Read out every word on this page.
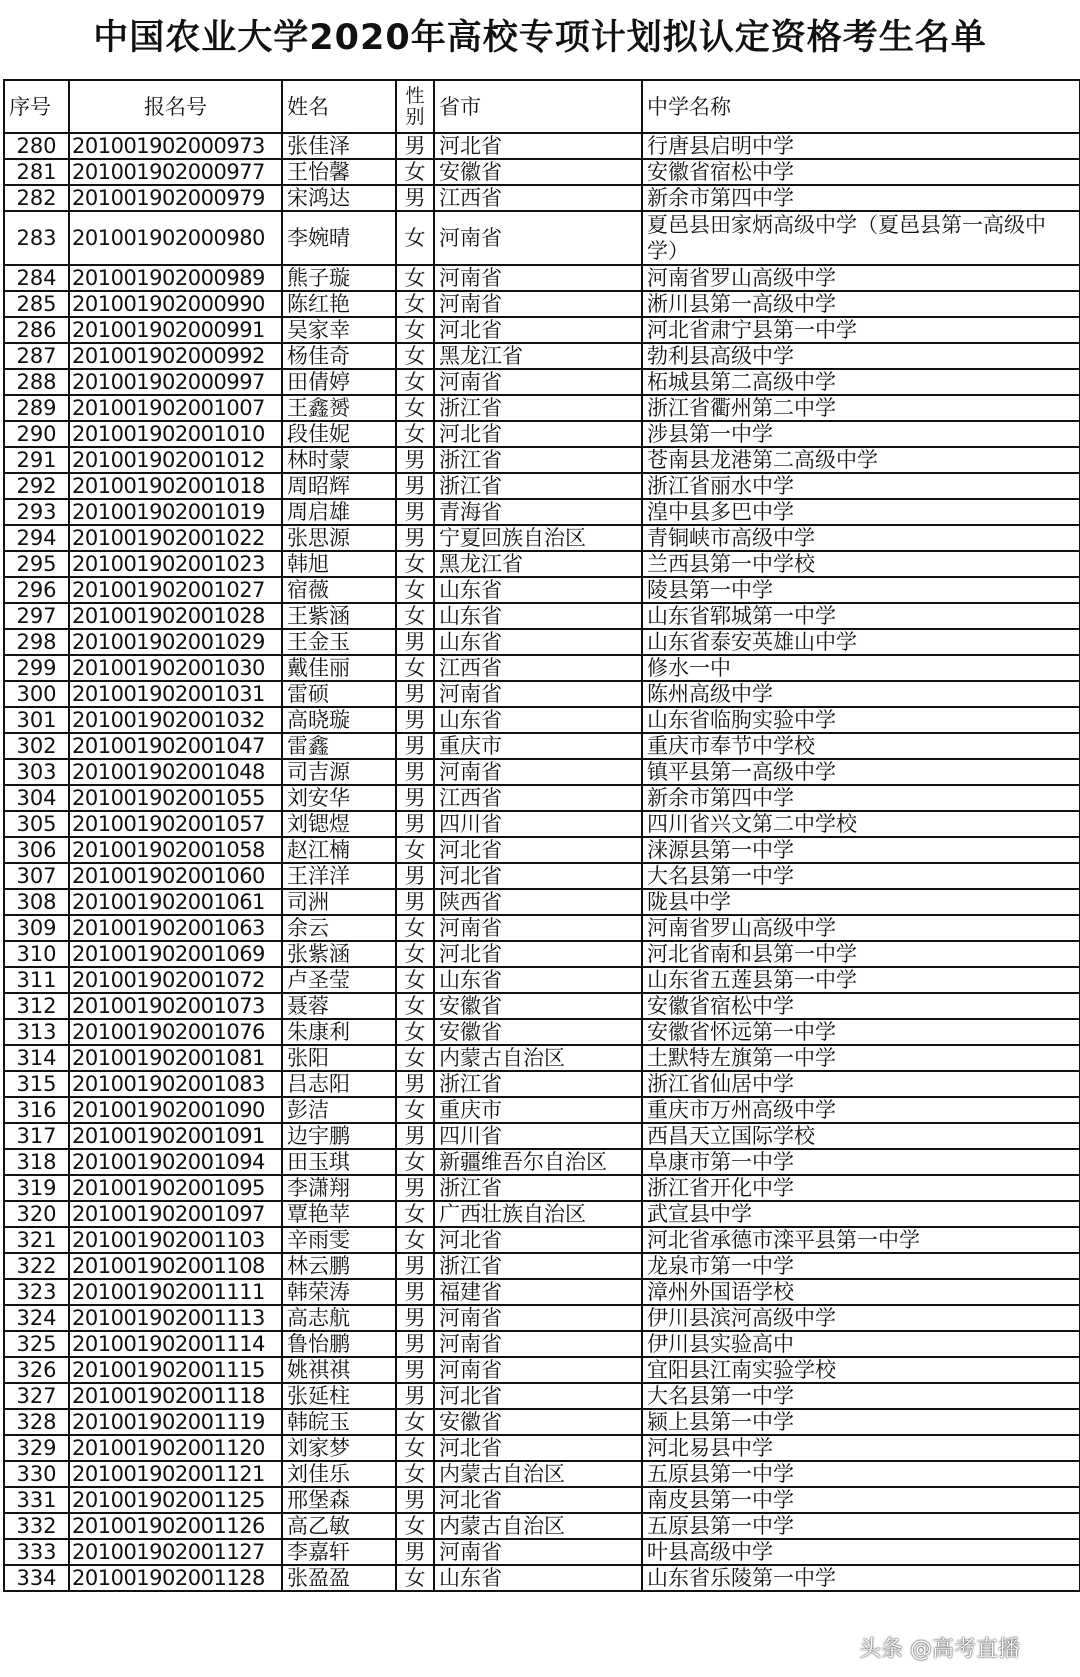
中国农业大学2020年高校专项计划拟认定资格考生名单
序号	报名号	姓名	性别	省市	中学名称
280	201001902000973	张佳泽	男	河北省	行唐县启明中学
281	201001902000977	王怡馨	女	安徽省	安徽省宿松中学
282	201001902000979	宋鸿达	男	江西省	新余市第四中学
283	201001902000980	李婉晴	女	河南省	夏邑县田家炳高级中学（夏邑县第一高级中学）
284	201001902000989	熊子璇	女	河南省	河南省罗山高级中学
285	201001902000990	陈红艳	女	河南省	淅川县第一高级中学
286	201001902000991	吴家幸	女	河北省	河北省肃宁县第一中学
287	201001902000992	杨佳奇	女	黑龙江省	勃利县高级中学
288	201001902000997	田倩婷	女	河南省	柘城县第二高级中学
289	201001902001007	王鑫赟	女	浙江省	浙江省衢州第二中学
290	201001902001010	段佳妮	女	河北省	涉县第一中学
291	201001902001012	林时蒙	男	浙江省	苍南县龙港第二高级中学
292	201001902001018	周昭辉	男	浙江省	浙江省丽水中学
293	201001902001019	周启雄	男	青海省	湟中县多巴中学
294	201001902001022	张思源	男	宁夏回族自治区	青铜峡市高级中学
295	201001902001023	韩旭	女	黑龙江省	兰西县第一中学校
296	201001902001027	宿薇	女	山东省	陵县第一中学
297	201001902001028	王紫涵	女	山东省	山东省郓城第一中学
298	201001902001029	王金玉	男	山东省	山东省泰安英雄山中学
299	201001902001030	戴佳丽	女	江西省	修水一中
300	201001902001031	雷硕	男	河南省	陈州高级中学
301	201001902001032	高晓璇	男	山东省	山东省临朐实验中学
302	201001902001047	雷鑫	男	重庆市	重庆市奉节中学校
303	201001902001048	司吉源	男	河南省	镇平县第一高级中学
304	201001902001055	刘安华	男	江西省	新余市第四中学
305	201001902001057	刘锶煜	男	四川省	四川省兴文第二中学校
306	201001902001058	赵江楠	女	河北省	涞源县第一中学
307	201001902001060	王洋洋	男	河北省	大名县第一中学
308	201001902001061	司洲	男	陕西省	陇县中学
309	201001902001063	余云	女	河南省	河南省罗山高级中学
310	201001902001069	张紫涵	女	河北省	河北省南和县第一中学
311	201001902001072	卢圣莹	女	山东省	山东省五莲县第一中学
312	201001902001073	聂蓉	女	安徽省	安徽省宿松中学
313	201001902001076	朱康利	女	安徽省	安徽省怀远第一中学
314	201001902001081	张阳	女	内蒙古自治区	土默特左旗第一中学
315	201001902001083	吕志阳	男	浙江省	浙江省仙居中学
316	201001902001090	彭洁	女	重庆市	重庆市万州高级中学
317	201001902001091	边宇鹏	男	四川省	西昌天立国际学校
318	201001902001094	田玉琪	女	新疆维吾尔自治区	阜康市第一中学
319	201001902001095	李潇翔	男	浙江省	浙江省开化中学
320	201001902001097	覃艳苹	女	广西壮族自治区	武宣县中学
321	201001902001103	辛雨雯	女	河北省	河北省承德市滦平县第一中学
322	201001902001108	林云鹏	男	浙江省	龙泉市第一中学
323	201001902001111	韩荣涛	男	福建省	漳州外国语学校
324	201001902001113	高志航	男	河南省	伊川县滨河高级中学
325	201001902001114	鲁怡鹏	男	河南省	伊川县实验高中
326	201001902001115	姚祺祺	男	河南省	宜阳县江南实验学校
327	201001902001118	张延柱	男	河北省	大名县第一中学
328	201001902001119	韩皖玉	女	安徽省	颍上县第一中学
329	201001902001120	刘家梦	女	河北省	河北易县中学
330	201001902001121	刘佳乐	女	内蒙古自治区	五原县第一中学
331	201001902001125	邢堡森	男	河北省	南皮县第一中学
332	201001902001126	高乙敏	女	内蒙古自治区	五原县第一中学
333	201001902001127	李嘉轩	男	河南省	叶县高级中学
334	201001902001128	张盈盈	女	山东省	山东省乐陵第一中学
头条 @高考直播
